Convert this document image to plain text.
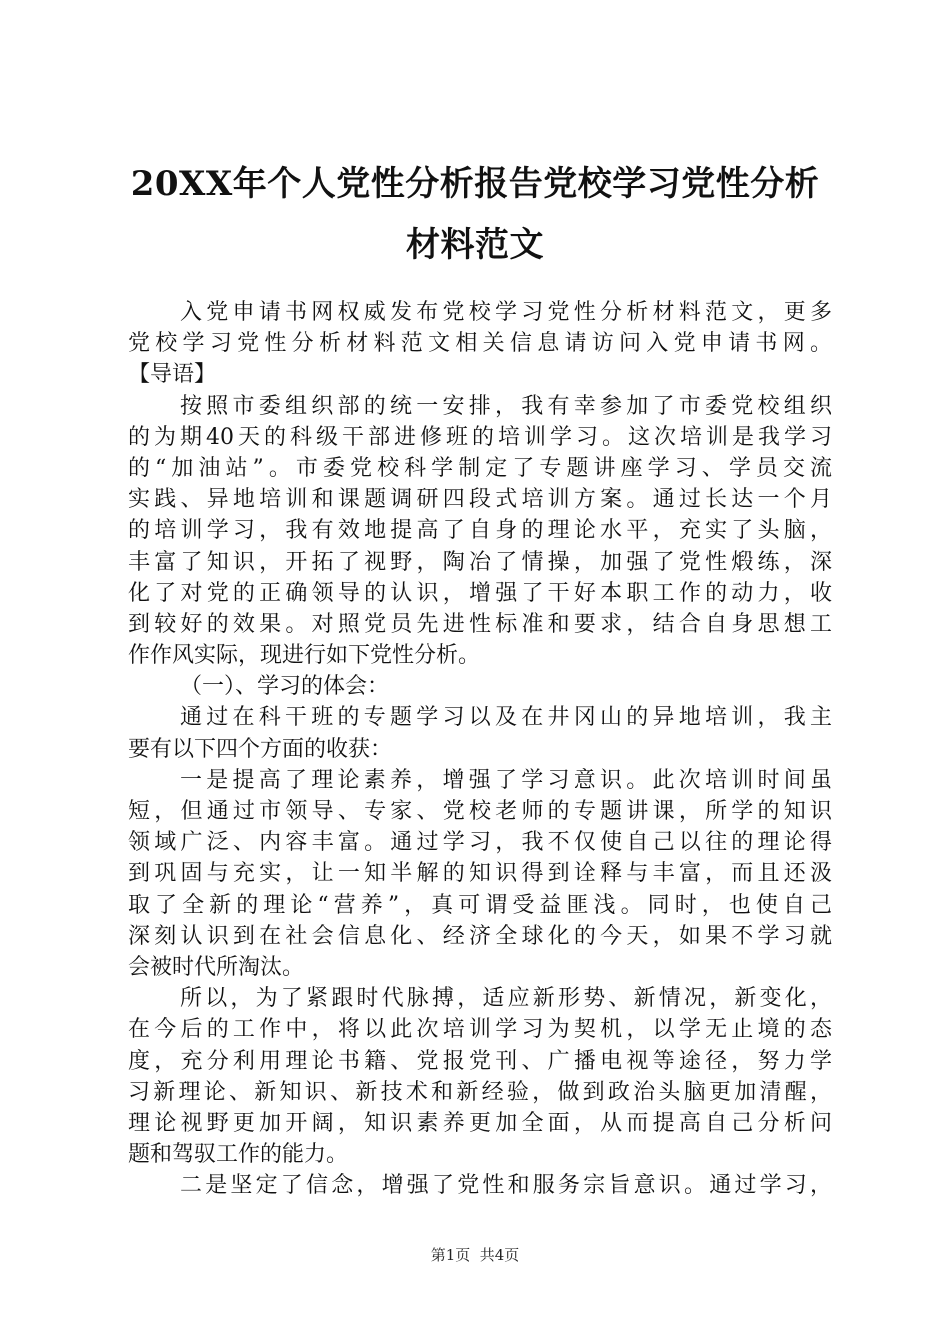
20XX年个人党性分析报告党校学习党性分析
材料范文
入党申请书网权威发布党校学习党性分析材料范文，更多
党校学习党性分析材料范文相关信息请访问入党申请书网。
【导语】
按照市委组织部的统一安排，我有幸参加了市委党校组织
的为期40天的科级干部进修班的培训学习。这次培训是我学习
的“加油站”。市委党校科学制定了专题讲座学习、学员交流
实践、异地培训和课题调研四段式培训方案。通过长达一个月
的培训学习，我有效地提高了自身的理论水平，充实了头脑，
丰富了知识，开拓了视野，陶冶了情操，加强了党性煅练，深
化了对党的正确领导的认识，增强了干好本职工作的动力，收
到较好的效果。对照党员先进性标准和要求，结合自身思想工
作作风实际，现进行如下党性分析。
（一）、学习的体会：
通过在科干班的专题学习以及在井冈山的异地培训，我主
要有以下四个方面的收获：
一是提高了理论素养，增强了学习意识。此次培训时间虽
短，但通过市领导、专家、党校老师的专题讲课，所学的知识
领域广泛、内容丰富。通过学习，我不仅使自己以往的理论得
到巩固与充实，让一知半解的知识得到诠释与丰富，而且还汲
取了全新的理论“营养”，真可谓受益匪浅。同时，也使自己
深刻认识到在社会信息化、经济全球化的今天，如果不学习就
会被时代所淘汰。
所以，为了紧跟时代脉搏，适应新形势、新情况，新变化，
在今后的工作中，将以此次培训学习为契机，以学无止境的态
度，充分利用理论书籍、党报党刊、广播电视等途径，努力学
习新理论、新知识、新技术和新经验，做到政治头脑更加清醒，
理论视野更加开阔，知识素养更加全面，从而提高自己分析问
题和驾驭工作的能力。
二是坚定了信念，增强了党性和服务宗旨意识。通过学习，
第1页  共4页
